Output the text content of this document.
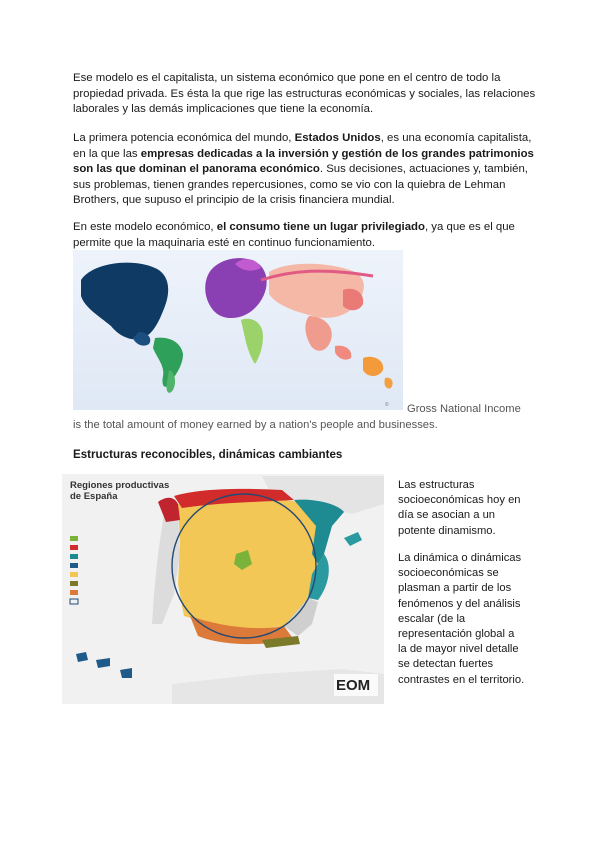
Ese modelo es el capitalista, un sistema económico que pone en el centro de todo la propiedad privada. Es ésta la que rige las estructuras económicas y sociales, las relaciones laborales y las demás implicaciones que tiene la economía.

La primera potencia económica del mundo, Estados Unidos, es una economía capitalista, en la que las empresas dedicadas a la inversión y gestión de los grandes patrimonios son las que dominan el panorama económico. Sus decisiones, actuaciones y, también, sus problemas, tienen grandes repercusiones, como se vio con la quiebra de Lehman Brothers, que supuso el principio de la crisis financiera mundial.

En este modelo económico, el consumo tiene un lugar privilegiado, ya que es el que permite que la maquinaria esté en continuo funcionamiento.

© Gross National Income

is the total amount of money earned by a nation's people and businesses.

Estructuras reconocibles, dinámicas cambiantes
Regiones productivas
de España
EOM

Las estructuras socioeconómicas hoy en día se asocian a un potente dinamismo.

La dinámica o dinámicas socioeconómicas se plasman a partir de los fenómenos y del análisis escalar (de la representación global a la de mayor nivel detalle se detectan fuertes contrastes en el territorio.
